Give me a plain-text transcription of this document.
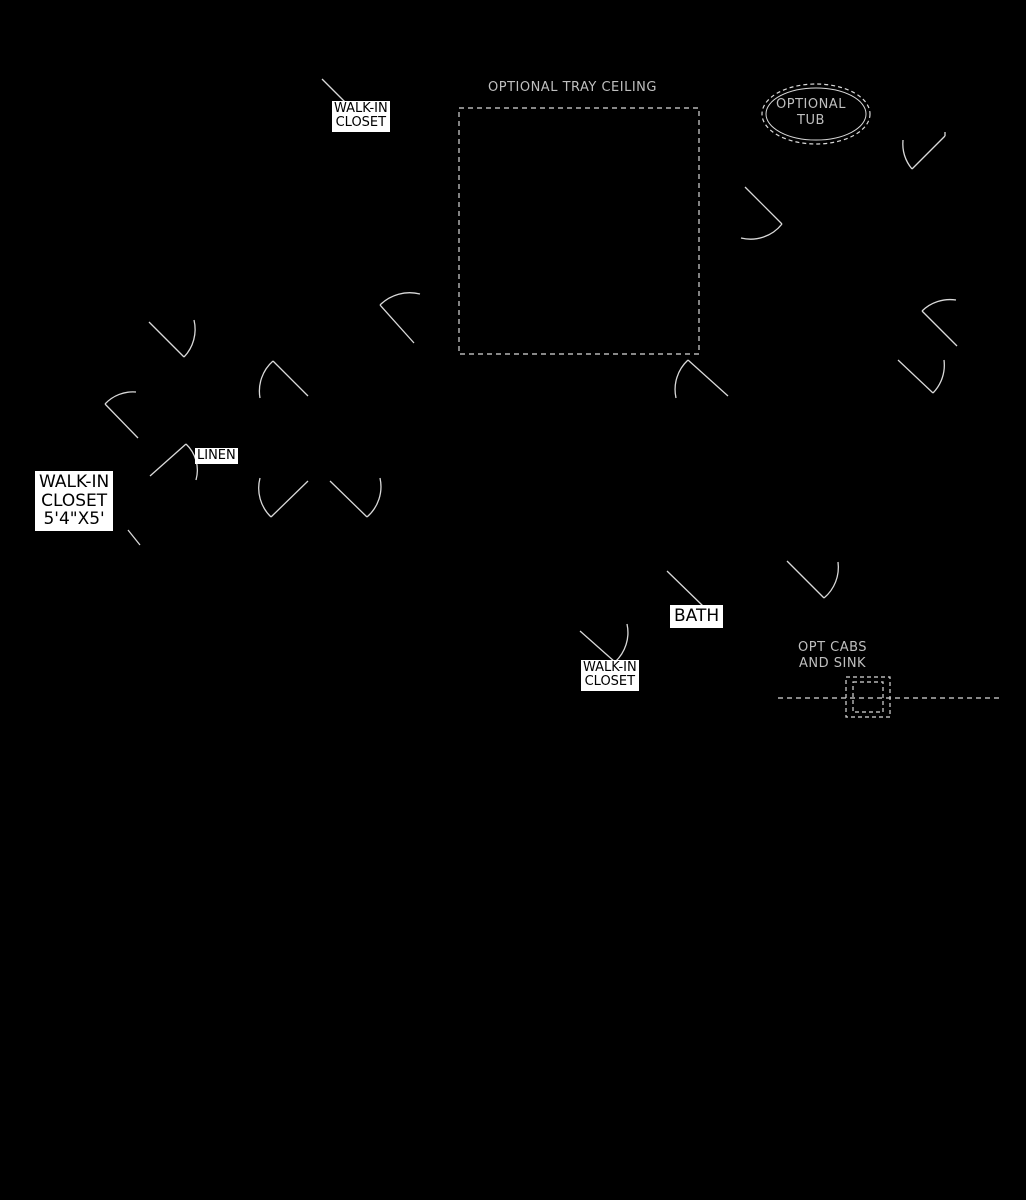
OPTIONAL TRAY CEILING
WALK-IN
CLOSET
OPTIONAL
TUB
LINEN
WALK-IN
CLOSET
5'4"X5'
BATH
OPT CABS
AND SINK
WALK-IN
CLOSET
